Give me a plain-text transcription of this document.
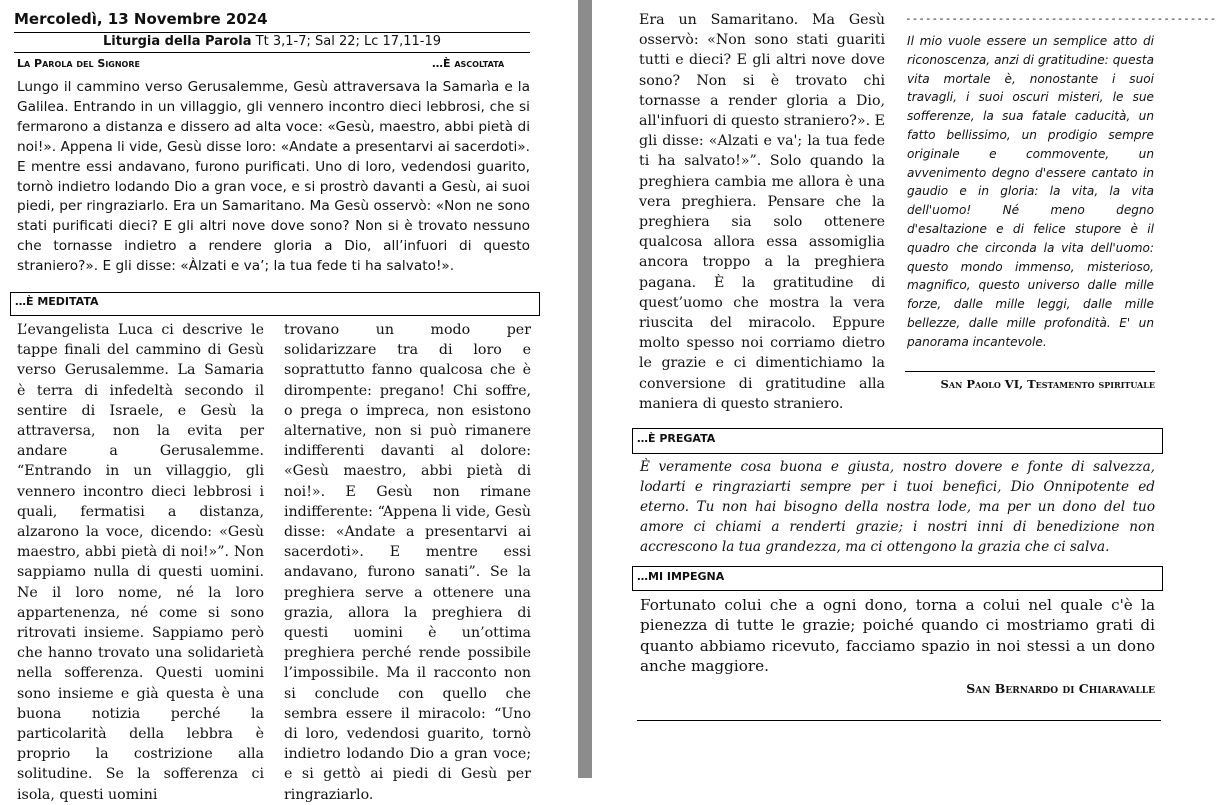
Mercoledì, 13 Novembre 2024
Liturgia della Parola Tt 3,1-7; Sal 22; Lc 17,11-19
La Parola del Signore	…È ascoltata
Lungo il cammino verso Gerusalemme, Gesù attraversava la Samarìa e la Galilea. Entrando in un villaggio, gli vennero incontro dieci lebbrosi, che si fermarono a distanza e dissero ad alta voce: «Gesù, maestro, abbi pietà di noi!». Appena li vide, Gesù disse loro: «Andate a presentarvi ai sacerdoti». E mentre essi andavano, furono purificati. Uno di loro, vedendosi guarito, tornò indietro lodando Dio a gran voce, e si prostrò davanti a Gesù, ai suoi piedi, per ringraziarlo. Era un Samaritano. Ma Gesù osservò: «Non ne sono stati purificati dieci? E gli altri nove dove sono? Non si è trovato nessuno che tornasse indietro a rendere gloria a Dio, all’infuori di questo straniero?». E gli disse: «Àlzati e va’; la tua fede ti ha salvato!».
…È MEDITATA
L’evangelista Luca ci descrive le tappe finali del cammino di Gesù verso Gerusalemme. La Samaria è terra di infedeltà secondo il sentire di Israele, e Gesù la attraversa, non la evita per andare a Gerusalemme. “Entrando in un villaggio, gli vennero incontro dieci lebbrosi i quali, fermatisi a distanza, alzarono la voce, dicendo: «Gesù maestro, abbi pietà di noi!»”. Non sappiamo nulla di questi uomini. Ne il loro nome, né la loro appartenenza, né come si sono ritrovati insieme. Sappiamo però che hanno trovato una solidarietà nella sofferenza. Questi uomini sono insieme e già questa è una buona notizia perché la particolarità della lebbra è proprio la costrizione alla solitudine. Se la sofferenza ci isola, questi uomini
trovano un modo per solidarizzare tra di loro e soprattutto fanno qualcosa che è dirompente: pregano! Chi soffre, o prega o impreca, non esistono alternative, non si può rimanere indifferenti davanti al dolore: «Gesù maestro, abbi pietà di noi!». E Gesù non rimane indifferente: “Appena li vide, Gesù disse: «Andate a presentarvi ai sacerdoti». E mentre essi andavano, furono sanati”. Se la preghiera serve a ottenere una grazia, allora la preghiera di questi uomini è un’ottima preghiera perché rende possibile l’impossibile. Ma il racconto non si conclude con quello che sembra essere il miracolo: “Uno di loro, vedendosi guarito, tornò indietro lodando Dio a gran voce; e si gettò ai piedi di Gesù per ringraziarlo.
Era un Samaritano. Ma Gesù osservò: «Non sono stati guariti tutti e dieci? E gli altri nove dove sono? Non si è trovato chi tornasse a render gloria a Dio, all'infuori di questo straniero?». E gli disse: «Alzati e va'; la tua fede ti ha salvato!»”. Solo quando la preghiera cambia me allora è una vera preghiera. Pensare che la preghiera sia solo ottenere qualcosa allora essa assomiglia ancora troppo a la preghiera pagana. È la gratitudine di quest’uomo che mostra la vera riuscita del miracolo. Eppure molto spesso noi corriamo dietro le grazie e ci dimentichiamo la conversione di gratitudine alla maniera di questo straniero.
-----------------------------------------------
Il mio vuole essere un semplice atto di riconoscenza, anzi di gratitudine: questa vita mortale è, nonostante i suoi travagli, i suoi oscuri misteri, le sue sofferenze, la sua fatale caducità, un fatto bellissimo, un prodigio sempre originale e commovente, un avvenimento degno d'essere cantato in gaudio e in gloria: la vita, la vita dell'uomo! Né meno degno d'esaltazione e di felice stupore è il quadro che circonda la vita dell'uomo: questo mondo immenso, misterioso, magnifico, questo universo dalle mille forze, dalle mille leggi, dalle mille bellezze, dalle mille profondità. E' un panorama incantevole.
San Paolo VI, Testamento spirituale
…È PREGATA
È veramente cosa buona e giusta, nostro dovere e fonte di salvezza, lodarti e ringraziarti sempre per i tuoi benefici, Dio Onnipotente ed eterno. Tu non hai bisogno della nostra lode, ma per un dono del tuo amore ci chiami a renderti grazie; i nostri inni di benedizione non accrescono la tua grandezza, ma ci ottengono la grazia che ci salva.
…MI IMPEGNA
Fortunato colui che a ogni dono, torna a colui nel quale c'è la pienezza di tutte le grazie; poiché quando ci mostriamo grati di quanto abbiamo ricevuto, facciamo spazio in noi stessi a un dono anche maggiore.
San Bernardo di Chiaravalle
